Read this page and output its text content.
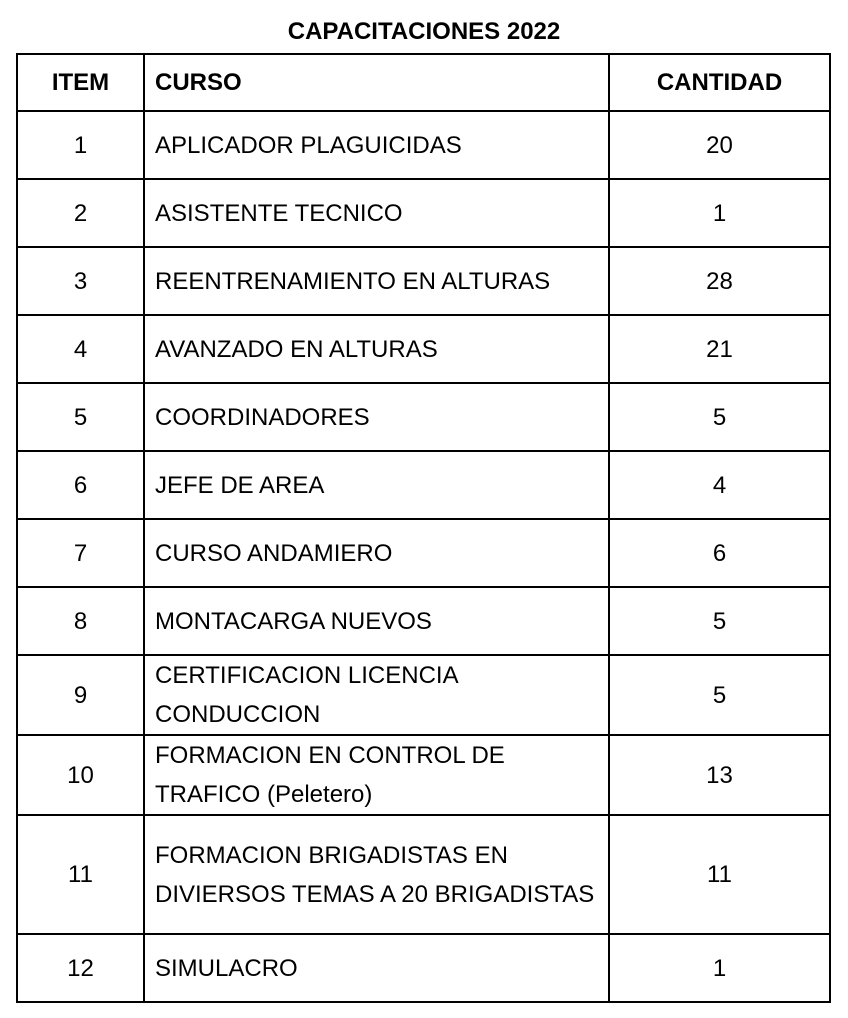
CAPACITACIONES 2022
ITEM	CURSO	CANTIDAD
1	APLICADOR PLAGUICIDAS	20
2	ASISTENTE TECNICO	1
3	REENTRENAMIENTO EN ALTURAS	28
4	AVANZADO EN ALTURAS	21
5	COORDINADORES	5
6	JEFE DE AREA	4
7	CURSO ANDAMIERO	6
8	MONTACARGA NUEVOS	5
9	CERTIFICACION LICENCIA CONDUCCION	5
10	FORMACION EN CONTROL DE TRAFICO (Peletero)	13
11	FORMACION BRIGADISTAS EN DIVIERSOS TEMAS A 20 BRIGADISTAS	11
12	SIMULACRO	1
